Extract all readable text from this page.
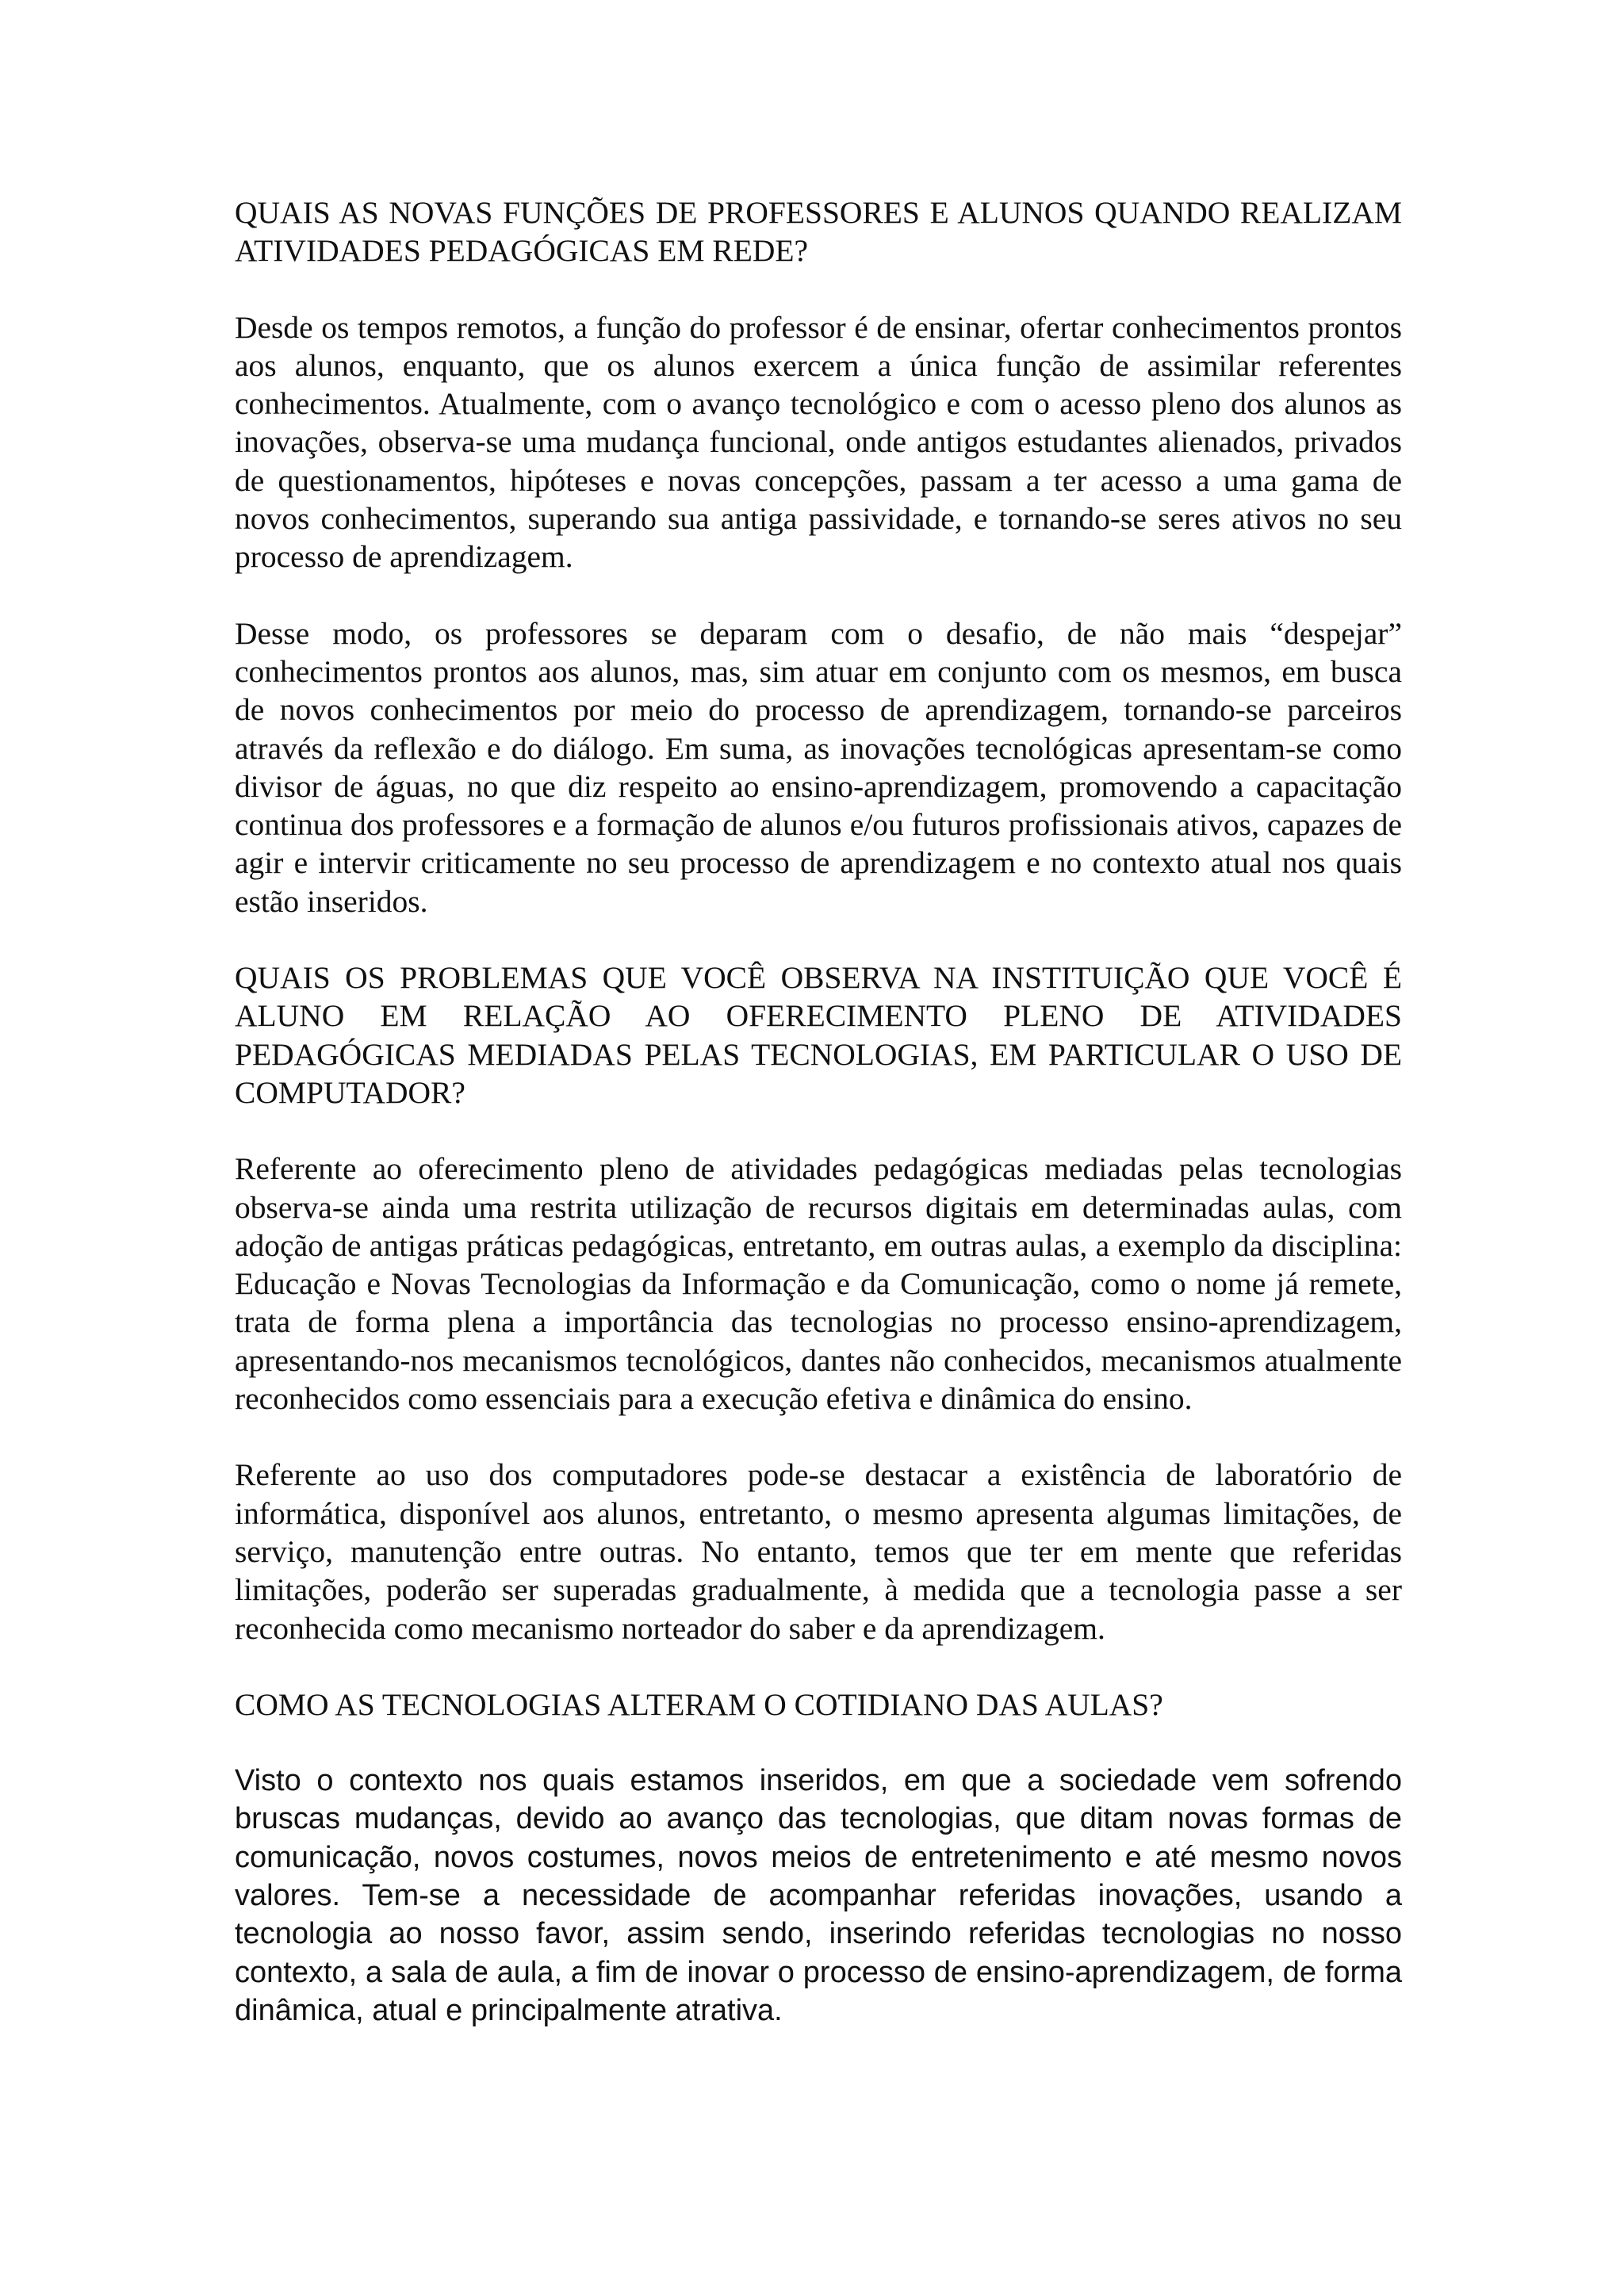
QUAIS AS NOVAS FUNÇÕES DE PROFESSORES E ALUNOS QUANDO REALIZAM ATIVIDADES PEDAGÓGICAS EM REDE?

Desde os tempos remotos, a função do professor é de ensinar, ofertar conhecimentos prontos aos alunos, enquanto, que os alunos exercem a única função de assimilar referentes conhecimentos. Atualmente, com o avanço tecnológico e com o acesso pleno dos alunos as inovações, observa-se uma mudança funcional, onde antigos estudantes alienados, privados de questionamentos, hipóteses e novas concepções, passam a ter acesso a uma gama de novos conhecimentos, superando sua antiga passividade, e tornando-se seres ativos no seu processo de aprendizagem.

Desse modo, os professores se deparam com o desafio, de não mais “despejar” conhecimentos prontos aos alunos, mas, sim atuar em conjunto com os mesmos, em busca de novos conhecimentos por meio do processo de aprendizagem, tornando-se parceiros através da reflexão e do diálogo. Em suma, as inovações tecnológicas apresentam-se como divisor de águas, no que diz respeito ao ensino-aprendizagem, promovendo a capacitação continua dos professores e a formação de alunos e/ou futuros profissionais ativos, capazes de agir e intervir criticamente no seu processo de aprendizagem e no contexto atual nos quais estão inseridos.

QUAIS OS PROBLEMAS QUE VOCÊ OBSERVA NA INSTITUIÇÃO QUE VOCÊ É ALUNO EM RELAÇÃO AO OFERECIMENTO PLENO DE ATIVIDADES PEDAGÓGICAS MEDIADAS PELAS TECNOLOGIAS, EM PARTICULAR O USO DE COMPUTADOR?

Referente ao oferecimento pleno de atividades pedagógicas mediadas pelas tecnologias observa-se ainda uma restrita utilização de recursos digitais em determinadas aulas, com adoção de antigas práticas pedagógicas, entretanto, em outras aulas, a exemplo da disciplina: Educação e Novas Tecnologias da Informação e da Comunicação, como o nome já remete, trata de forma plena a importância das tecnologias no processo ensino-aprendizagem, apresentando-nos mecanismos tecnológicos, dantes não conhecidos, mecanismos atualmente reconhecidos como essenciais para a execução efetiva e dinâmica do ensino.

Referente ao uso dos computadores pode-se destacar a existência de laboratório de informática, disponível aos alunos, entretanto, o mesmo apresenta algumas limitações, de serviço, manutenção entre outras. No entanto, temos que ter em mente que referidas limitações, poderão ser superadas gradualmente, à medida que a tecnologia passe a ser reconhecida como mecanismo norteador do saber e da aprendizagem.

COMO AS TECNOLOGIAS ALTERAM O COTIDIANO DAS AULAS?

Visto o contexto nos quais estamos inseridos, em que a sociedade vem sofrendo bruscas mudanças, devido ao avanço das tecnologias, que ditam novas formas de comunicação, novos costumes, novos meios de entretenimento e até mesmo novos valores. Tem-se a necessidade de acompanhar referidas inovações, usando a tecnologia ao nosso favor, assim sendo, inserindo referidas tecnologias no nosso contexto, a sala de aula, a fim de inovar o processo de ensino-aprendizagem, de forma dinâmica, atual e principalmente atrativa.
